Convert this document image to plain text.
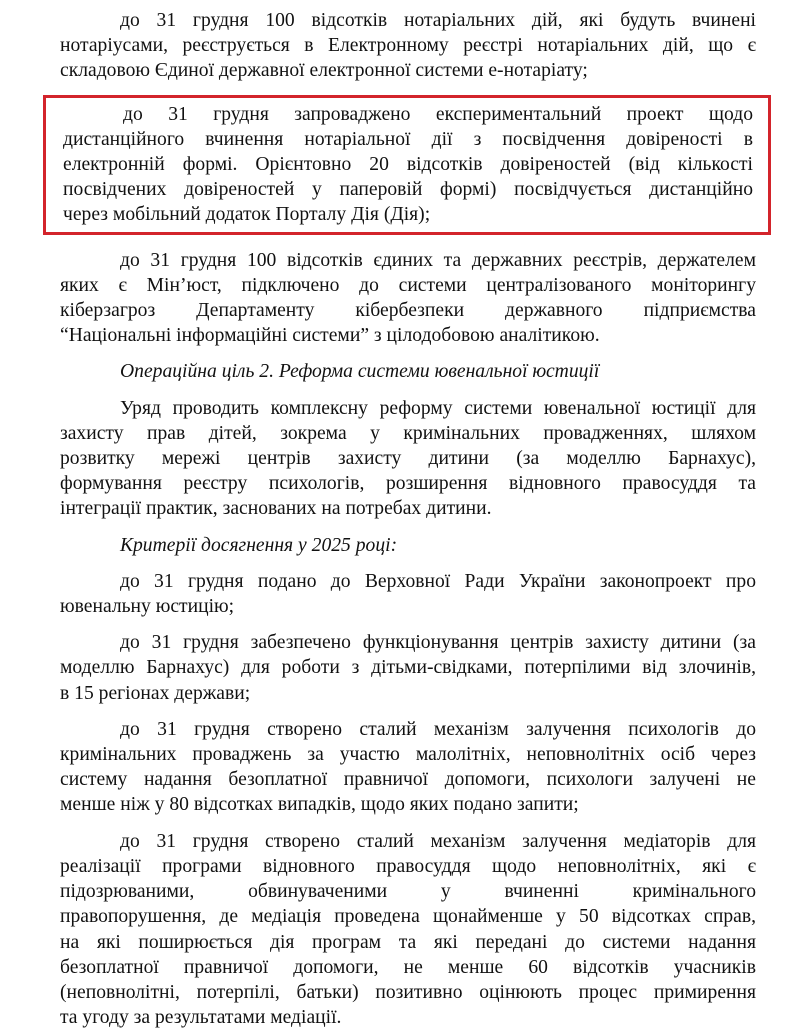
до 31 грудня 100 відсотків нотаріальних дій, які будуть вчинені
нотаріусами, реєструється в Електронному реєстрі нотаріальних дій, що є
складовою Єдиної державної електронної системи е-нотаріату;
до 31 грудня запроваджено експериментальний проект щодо
дистанційного вчинення нотаріальної дії з посвідчення довіреності в
електронній формі. Орієнтовно 20 відсотків довіреностей (від кількості
посвідчених довіреностей у паперовій формі) посвідчується дистанційно
через мобільний додаток Порталу Дія (Дія);
до 31 грудня 100 відсотків єдиних та державних реєстрів, держателем
яких є Мін’юст, підключено до системи централізованого моніторингу
кіберзагроз Департаменту кібербезпеки державного підприємства
“Національні інформаційні системи” з цілодобовою аналітикою.
Операційна ціль 2. Реформа системи ювенальної юстиції
Уряд проводить комплексну реформу системи ювенальної юстиції для
захисту прав дітей, зокрема у кримінальних провадженнях, шляхом
розвитку мережі центрів захисту дитини (за моделлю Барнахус),
формування реєстру психологів, розширення відновного правосуддя та
інтеграції практик, заснованих на потребах дитини.
Критерії досягнення у 2025 році:
до 31 грудня подано до Верховної Ради України законопроект про
ювенальну юстицію;
до 31 грудня забезпечено функціонування центрів захисту дитини (за
моделлю Барнахус) для роботи з дітьми-свідками, потерпілими від злочинів,
в 15 регіонах держави;
до 31 грудня створено сталий механізм залучення психологів до
кримінальних проваджень за участю малолітніх, неповнолітніх осіб через
систему надання безоплатної правничої допомоги, психологи залучені не
менше ніж у 80 відсотках випадків, щодо яких подано запити;
до 31 грудня створено сталий механізм залучення медіаторів для
реалізації програми відновного правосуддя щодо неповнолітніх, які є
підозрюваними, обвинуваченими у вчиненні кримінального
правопорушення, де медіація проведена щонайменше у 50 відсотках справ,
на які поширюється дія програм та які передані до системи надання
безоплатної правничої допомоги, не менше 60 відсотків учасників
(неповнолітні, потерпілі, батьки) позитивно оцінюють процес примирення
та угоду за результатами медіації.
